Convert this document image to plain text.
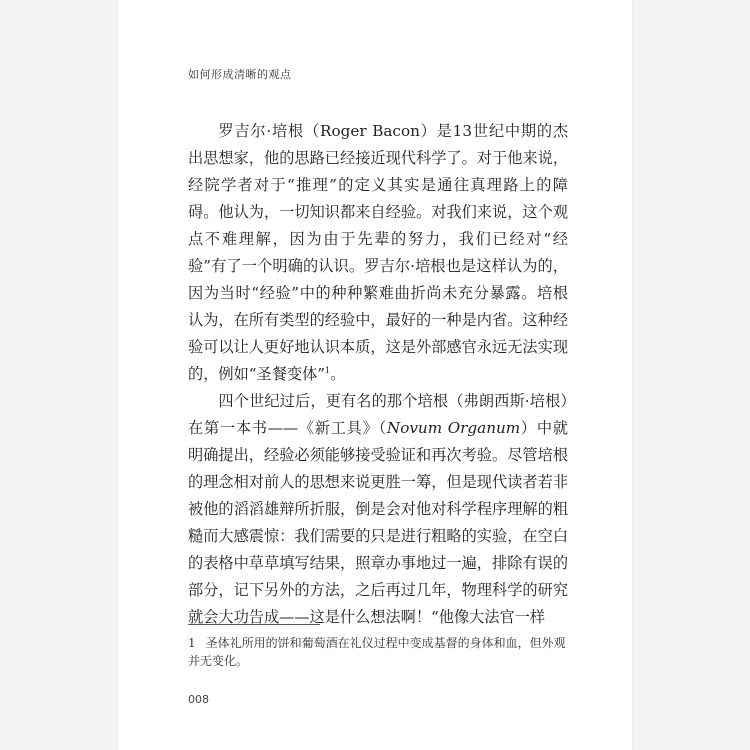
如何形成清晰的观点

罗吉尔·培根（Roger Bacon）是13世纪中期的杰出思想家，他的思路已经接近现代科学了。对于他来说，经院学者对于“推理”的定义其实是通往真理路上的障碍。他认为，一切知识都来自经验。对我们来说，这个观点不难理解，因为由于先辈的努力，我们已经对“经验”有了一个明确的认识。罗吉尔·培根也是这样认为的，因为当时“经验”中的种种繁难曲折尚未充分暴露。培根认为，在所有类型的经验中，最好的一种是内省。这种经验可以让人更好地认识本质，这是外部感官永远无法实现的，例如“圣餐变体”$^1$。

四个世纪过后，更有名的那个培根（弗朗西斯·培根）在第一本书——《新工具》（Novum Organum）中就明确提出，经验必须能够接受验证和再次考验。尽管培根的理念相对前人的思想来说更胜一筹，但是现代读者若非被他的滔滔雄辩所折服，倒是会对他对科学程序理解的粗糙而大感震惊：我们需要的只是进行粗略的实验，在空白的表格中草草填写结果，照章办事地过一遍，排除有误的部分，记下另外的方法，之后再过几年，物理科学的研究就会大功告成——这是什么想法啊！“他像大法官一样

1 圣体礼所用的饼和葡萄酒在礼仪过程中变成基督的身体和血，但外观并无变化。
008
